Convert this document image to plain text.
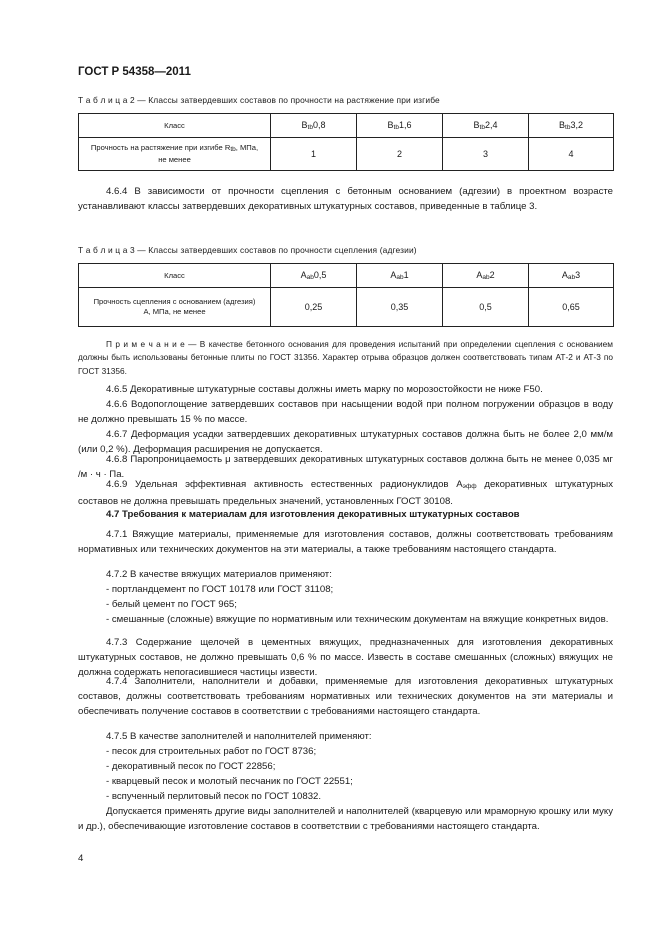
ГОСТ Р 54358—2011
Т а б л и ц а 2 — Классы затвердевших составов по прочности на растяжение при изгибе
Класс	Btb0,8	Btb1,6	Btb2,4	Btb3,2
Прочность на растяжение при изгибе Rtb, МПа, не менее	1	2	3	4

4.6.4 В зависимости от прочности сцепления с бетонным основанием (адгезии) в проектном возрасте устанавливают классы затвердевших декоративных штукатурных составов, приведенные в таблице 3.

Т а б л и ц а 3 — Классы затвердевших составов по прочности сцепления (адгезии)
Класс	Aab0,5	Aab1	Aab2	Aab3
Прочность сцепления с основанием (адгезия) А, МПа, не менее	0,25	0,35	0,5	0,65

П р и м е ч а н и е — В качестве бетонного основания для проведения испытаний при определении сцепления с основанием должны быть использованы бетонные плиты по ГОСТ 31356. Характер отрыва образцов должен соответствовать типам АТ-2 и АТ-3 по ГОСТ 31356.

4.6.5 Декоративные штукатурные составы должны иметь марку по морозостойкости не ниже F50.

4.6.6 Водопоглощение затвердевших составов при насыщении водой при полном погружении образцов в воду не должно превышать 15 % по массе.

4.6.7 Деформация усадки затвердевших декоративных штукатурных составов должна быть не более 2,0 мм/м (или 0,2 %). Деформация расширения не допускается.

4.6.8 Паропроницаемость μ затвердевших декоративных штукатурных составов должна быть не менее 0,035 мг /м · ч · Па.

4.6.9 Удельная эффективная активность естественных радионуклидов Аэфф декоративных штукатурных составов не должна превышать предельных значений, установленных ГОСТ 30108.

4.7 Требования к материалам для изготовления декоративных штукатурных составов

4.7.1 Вяжущие материалы, применяемые для изготовления составов, должны соответствовать требованиям нормативных или технических документов на эти материалы, а также требованиям настоящего стандарта.

4.7.2 В качестве вяжущих материалов применяют:

- портландцемент по ГОСТ 10178 или ГОСТ 31108;
- белый цемент по ГОСТ 965;

- смешанные (сложные) вяжущие по нормативным или техническим документам на вяжущие конкретных видов.

4.7.3 Содержание щелочей в цементных вяжущих, предназначенных для изготовления декоративных штукатурных составов, не должно превышать 0,6 % по массе. Известь в составе смешанных (сложных) вяжущих не должна содержать непогасившиеся частицы извести.

4.7.4 Заполнители, наполнители и добавки, применяемые для изготовления декоративных штукатурных составов, должны соответствовать требованиям нормативных или технических документов на эти материалы и обеспечивать получение составов в соответствии с требованиями настоящего стандарта.

4.7.5 В качестве заполнителей и наполнителей применяют:

- песок для строительных работ по ГОСТ 8736;
- декоративный песок по ГОСТ 22856;
- кварцевый песок и молотый песчаник по ГОСТ 22551;
- вспученный перлитовый песок по ГОСТ 10832.

Допускается применять другие виды заполнителей и наполнителей (кварцевую или мраморную крошку или муку и др.), обеспечивающие изготовление составов в соответствии с требованиями настоящего стандарта.

4
